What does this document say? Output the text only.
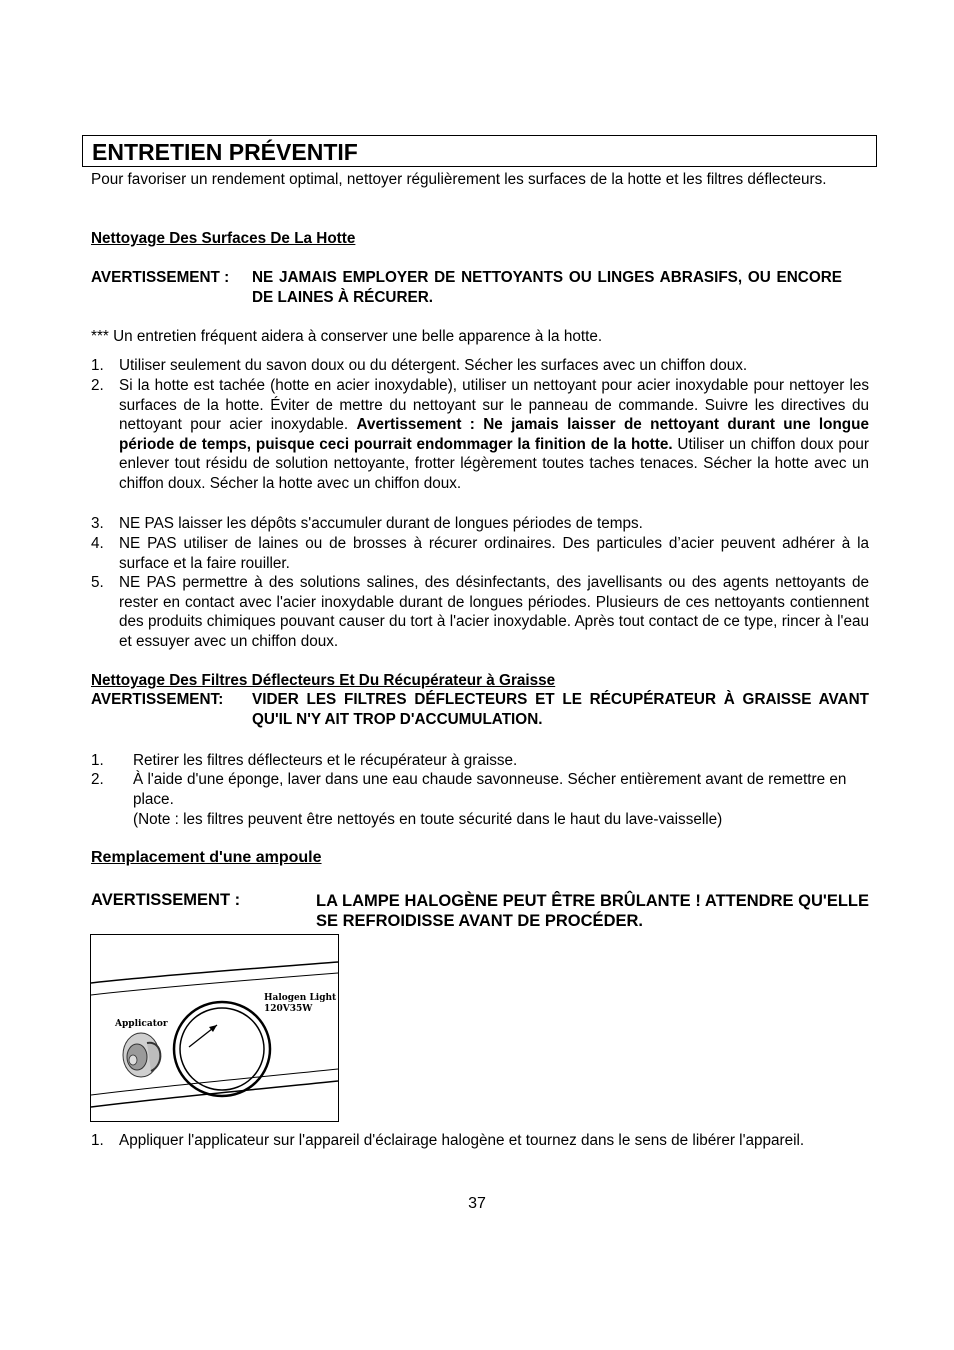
ENTRETIEN PRÉVENTIF
Pour favoriser un rendement optimal, nettoyer régulièrement les surfaces de la hotte et les filtres déflecteurs.
Nettoyage Des Surfaces De La Hotte
AVERTISSEMENT : NE JAMAIS EMPLOYER DE NETTOYANTS OU LINGES ABRASIFS, OU ENCORE DE LAINES À RÉCURER.
*** Un entretien fréquent aidera à conserver une belle apparence à la hotte.
1. Utiliser seulement du savon doux ou du détergent. Sécher les surfaces avec un chiffon doux.
2. Si la hotte est tachée (hotte en acier inoxydable), utiliser un nettoyant pour acier inoxydable pour nettoyer les surfaces de la hotte. Éviter de mettre du nettoyant sur le panneau de commande. Suivre les directives du nettoyant pour acier inoxydable. Avertissement : Ne jamais laisser de nettoyant durant une longue période de temps, puisque ceci pourrait endommager la finition de la hotte. Utiliser un chiffon doux pour enlever tout résidu de solution nettoyante, frotter légèrement toutes taches tenaces. Sécher la hotte avec un chiffon doux. Sécher la hotte avec un chiffon doux.
3. NE PAS laisser les dépôts s'accumuler durant de longues périodes de temps.
4. NE PAS utiliser de laines ou de brosses à récurer ordinaires. Des particules d’acier peuvent adhérer à la surface et la faire rouiller.
5. NE PAS permettre à des solutions salines, des désinfectants, des javellisants ou des agents nettoyants de rester en contact avec l'acier inoxydable durant de longues périodes. Plusieurs de ces nettoyants contiennent des produits chimiques pouvant causer du tort à l'acier inoxydable. Après tout contact de ce type, rincer à l'eau et essuyer avec un chiffon doux.
Nettoyage Des Filtres Déflecteurs Et Du Récupérateur à Graisse
AVERTISSEMENT: VIDER LES FILTRES DÉFLECTEURS ET LE RÉCUPÉRATEUR À GRAISSE AVANT QU'IL N'Y AIT TROP D'ACCUMULATION.
1. Retirer les filtres déflecteurs et le récupérateur à graisse.
2. À l'aide d'une éponge, laver dans une eau chaude savonneuse. Sécher entièrement avant de remettre en place.
(Note : les filtres peuvent être nettoyés en toute sécurité dans le haut du lave-vaisselle)
Remplacement d'une ampoule
AVERTISSEMENT :	LA LAMPE HALOGÈNE PEUT ÊTRE BRÛLANTE ! ATTENDRE QU'ELLE SE REFROIDISSE AVANT DE PROCÉDER.
Applicator
Halogen Light
120V35W
1. Appliquer l'applicateur sur l'appareil d'éclairage halogène et tournez dans le sens de libérer l'appareil.
37
